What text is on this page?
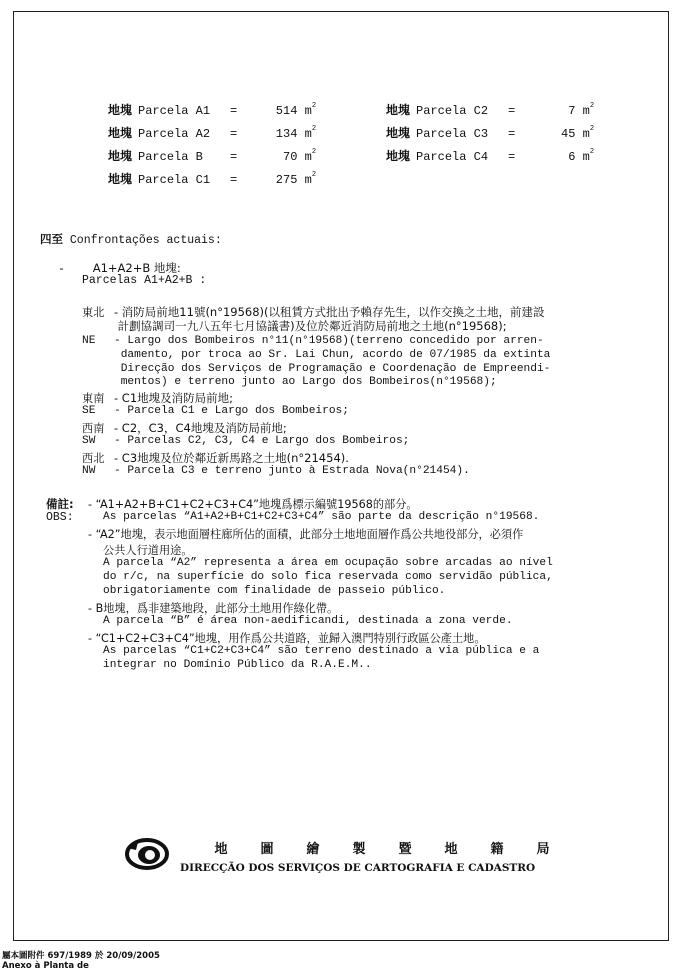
四至 Confrontações actuais:
- A1+A2+B 地塊:
Parcelas A1+A2+B :
備註:
OBS:
地	圖	繪	製	暨	地	籍	局
DIRECÇÃO DOS SERVIÇOS DE CARTOGRAFIA E CADASTRO
屬本圖附件 697/1989 於 20/09/2005
Anexo à Planta de
地塊 Parcela A1	=	514 $m^2$
地塊 Parcela A2	=	134 $m^2$
地塊 Parcela B	=	70 $m^2$
地塊 Parcela C1	=	275 $m^2$
地塊 Parcela C2	=	7 $m^2$
地塊 Parcela C3	=	45 $m^2$
地塊 Parcela C4	=	6 $m^2$
東北 - 消防局前地11號(n°19568)(以租賃方式批出予賴存先生，以作交換之土地，前建設
計劃協調司一九八五年七月協議書)及位於鄰近消防局前地之土地(n°19568);
NE - Largo dos Bombeiros n°11(n°19568)(terreno concedido por arren-
damento, por troca ao Sr. Lai Chun, acordo de 07/1985 da extinta
Direcção dos Serviços de Programação e Coordenação de Empreendi-
mentos) e terreno junto ao Largo dos Bombeiros(n°19568);
東南 - C1地塊及消防局前地;
SE - Parcela C1 e Largo dos Bombeiros;
西南 - C2，C3，C4地塊及消防局前地;
SW - Parcelas C2, C3, C4 e Largo dos Bombeiros;
西北 - C3地塊及位於鄰近新馬路之土地(n°21454).
NW - Parcela C3 e terreno junto à Estrada Nova(n°21454).
- “A1+A2+B+C1+C2+C3+C4”地塊爲標示編號19568的部分。
As parcelas “A1+A2+B+C1+C2+C3+C4” são parte da descrição n°19568.
- “A2”地塊，表示地面層柱廊所佔的面積，此部分土地地面層作爲公共地役部分，必須作
公共人行道用途。
A parcela “A2” representa a área em ocupação sobre arcadas ao nível
do r/c, na superfície do solo fica reservada como servidão pública,
obrigatoriamente com finalidade de passeio público.
- B地塊，爲非建築地段，此部分土地用作綠化帶。
A parcela “B” é área non-aedificandi, destinada a zona verde.
- “C1+C2+C3+C4”地塊，用作爲公共道路，並歸入澳門特別行政區公產土地。
As parcelas “C1+C2+C3+C4” são terreno destinado a via pública e a
integrar no Domínio Público da R.A.E.M..
